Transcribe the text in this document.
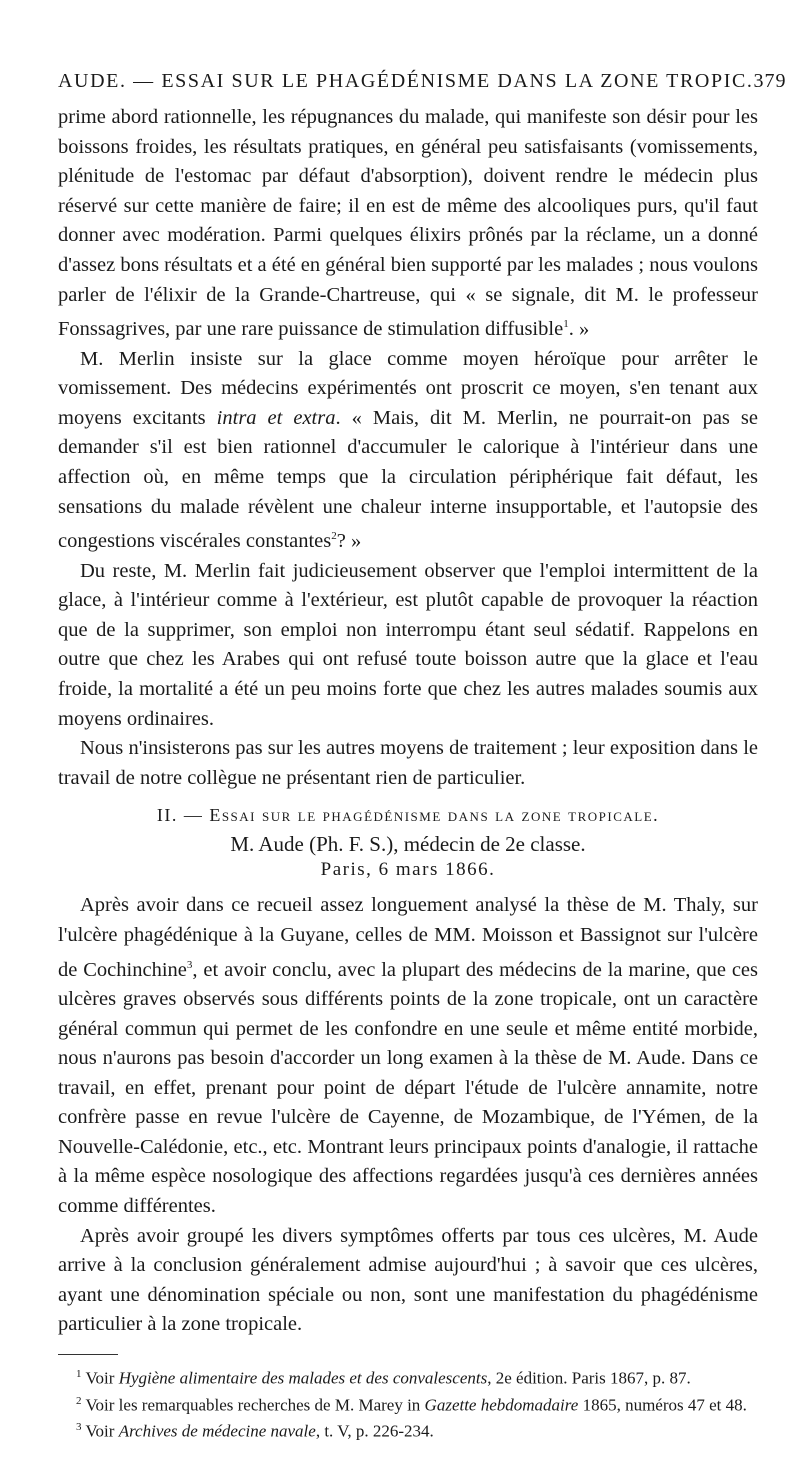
AUDE. — ESSAI SUR LE PHAGÉDÉNISME DANS LA ZONE TROPIC. 379

prime abord rationnelle, les répugnances du malade, qui manifeste son désir pour les boissons froides, les résultats pratiques, en général peu satisfaisants (vomissements, plénitude de l'estomac par défaut d'absorption), doivent rendre le médecin plus réservé sur cette manière de faire; il en est de même des alcooliques purs, qu'il faut donner avec modération. Parmi quelques élixirs prônés par la réclame, un a donné d'assez bons résultats et a été en général bien supporté par les malades ; nous voulons parler de l'élixir de la Grande-Chartreuse, qui « se signale, dit M. le professeur Fonssagrives, par une rare puissance de stimulation diffusible$^1$. »

M. Merlin insiste sur la glace comme moyen héroïque pour arrêter le vomissement. Des médecins expérimentés ont proscrit ce moyen, s'en tenant aux moyens excitants intra et extra. « Mais, dit M. Merlin, ne pourrait-on pas se demander s'il est bien rationnel d'accumuler le calorique à l'intérieur dans une affection où, en même temps que la circulation périphérique fait défaut, les sensations du malade révèlent une chaleur interne insupportable, et l'autopsie des congestions viscérales constantes$^2$? »

Du reste, M. Merlin fait judicieusement observer que l'emploi intermittent de la glace, à l'intérieur comme à l'extérieur, est plutôt capable de provoquer la réaction que de la supprimer, son emploi non interrompu étant seul sédatif. Rappelons en outre que chez les Arabes qui ont refusé toute boisson autre que la glace et l'eau froide, la mortalité a été un peu moins forte que chez les autres malades soumis aux moyens ordinaires.

Nous n'insisterons pas sur les autres moyens de traitement ; leur exposition dans le travail de notre collègue ne présentant rien de particulier.

II. — Essai sur le phagédénisme dans la zone tropicale.
M. Aude (Ph. F. S.), médecin de 2e classe.
Paris, 6 mars 1866.

Après avoir dans ce recueil assez longuement analysé la thèse de M. Thaly, sur l'ulcère phagédénique à la Guyane, celles de MM. Moisson et Bassignot sur l'ulcère de Cochinchine$^3$, et avoir conclu, avec la plupart des médecins de la marine, que ces ulcères graves observés sous différents points de la zone tropicale, ont un caractère général commun qui permet de les confondre en une seule et même entité morbide, nous n'aurons pas besoin d'accorder un long examen à la thèse de M. Aude. Dans ce travail, en effet, prenant pour point de départ l'étude de l'ulcère annamite, notre confrère passe en revue l'ulcère de Cayenne, de Mozambique, de l'Yémen, de la Nouvelle-Calédonie, etc., etc. Montrant leurs principaux points d'analogie, il rattache à la même espèce nosologique des affections regardées jusqu'à ces dernières années comme différentes.

Après avoir groupé les divers symptômes offerts par tous ces ulcères, M. Aude arrive à la conclusion généralement admise aujourd'hui ; à savoir que ces ulcères, ayant une dénomination spéciale ou non, sont une manifestation du phagédénisme particulier à la zone tropicale.

$^1$ Voir Hygiène alimentaire des malades et des convalescents, 2e édition. Paris 1867, p. 87.

$^2$ Voir les remarquables recherches de M. Marey in Gazette hebdomadaire 1865, numéros 47 et 48.

$^3$ Voir Archives de médecine navale, t. V, p. 226-234.
